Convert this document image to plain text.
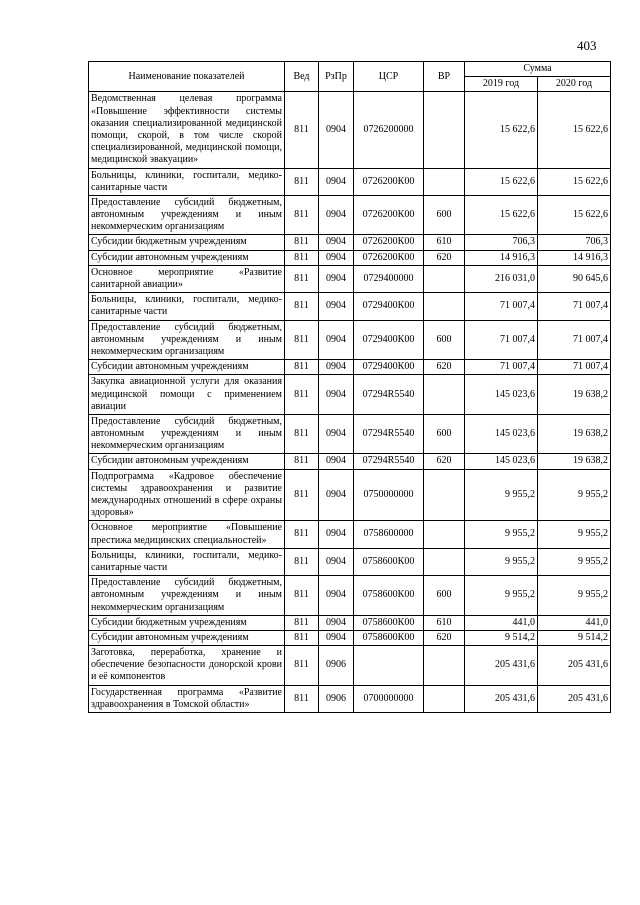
403
Наименование показателей	Вед	РзПр	ЦСР	ВР	Сумма	
					2019 год	2020 год
Ведомственная целевая программа «Повышение эффективности системы оказания специализированной медицинской помощи, скорой, в том числе скорой специализированной, медицинской помощи, медицинской эвакуации»	811	0904	0726200000		15 622,6	15 622,6
Больницы, клиники, госпитали, медико-санитарные части	811	0904	0726200К00		15 622,6	15 622,6
Предоставление субсидий бюджетным, автономным учреждениям и иным некоммерческим организациям	811	0904	0726200К00	600	15 622,6	15 622,6
Субсидии бюджетным учреждениям	811	0904	0726200К00	610	706,3	706,3
Субсидии автономным учреждениям	811	0904	0726200К00	620	14 916,3	14 916,3
Основное мероприятие «Развитие санитарной авиации»	811	0904	0729400000		216 031,0	90 645,6
Больницы, клиники, госпитали, медико-санитарные части	811	0904	0729400К00		71 007,4	71 007,4
Предоставление субсидий бюджетным, автономным учреждениям и иным некоммерческим организациям	811	0904	0729400К00	600	71 007,4	71 007,4
Субсидии автономным учреждениям	811	0904	0729400К00	620	71 007,4	71 007,4
Закупка авиационной услуги для оказания медицинской помощи с применением авиации	811	0904	07294R5540		145 023,6	19 638,2
Предоставление субсидий бюджетным, автономным учреждениям и иным некоммерческим организациям	811	0904	07294R5540	600	145 023,6	19 638,2
Субсидии автономным учреждениям	811	0904	07294R5540	620	145 023,6	19 638,2
Подпрограмма «Кадровое обеспечение системы здравоохранения и развитие международных отношений в сфере охраны здоровья»	811	0904	0750000000		9 955,2	9 955,2
Основное мероприятие «Повышение престижа медицинских специальностей»	811	0904	0758600000		9 955,2	9 955,2
Больницы, клиники, госпитали, медико-санитарные части	811	0904	0758600К00		9 955,2	9 955,2
Предоставление субсидий бюджетным, автономным учреждениям и иным некоммерческим организациям	811	0904	0758600К00	600	9 955,2	9 955,2
Субсидии бюджетным учреждениям	811	0904	0758600К00	610	441,0	441,0
Субсидии автономным учреждениям	811	0904	0758600К00	620	9 514,2	9 514,2
Заготовка, переработка, хранение и обеспечение безопасности донорской крови и её компонентов	811	0906			205 431,6	205 431,6
Государственная программа «Развитие здравоохранения в Томской области»	811	0906	0700000000		205 431,6	205 431,6
